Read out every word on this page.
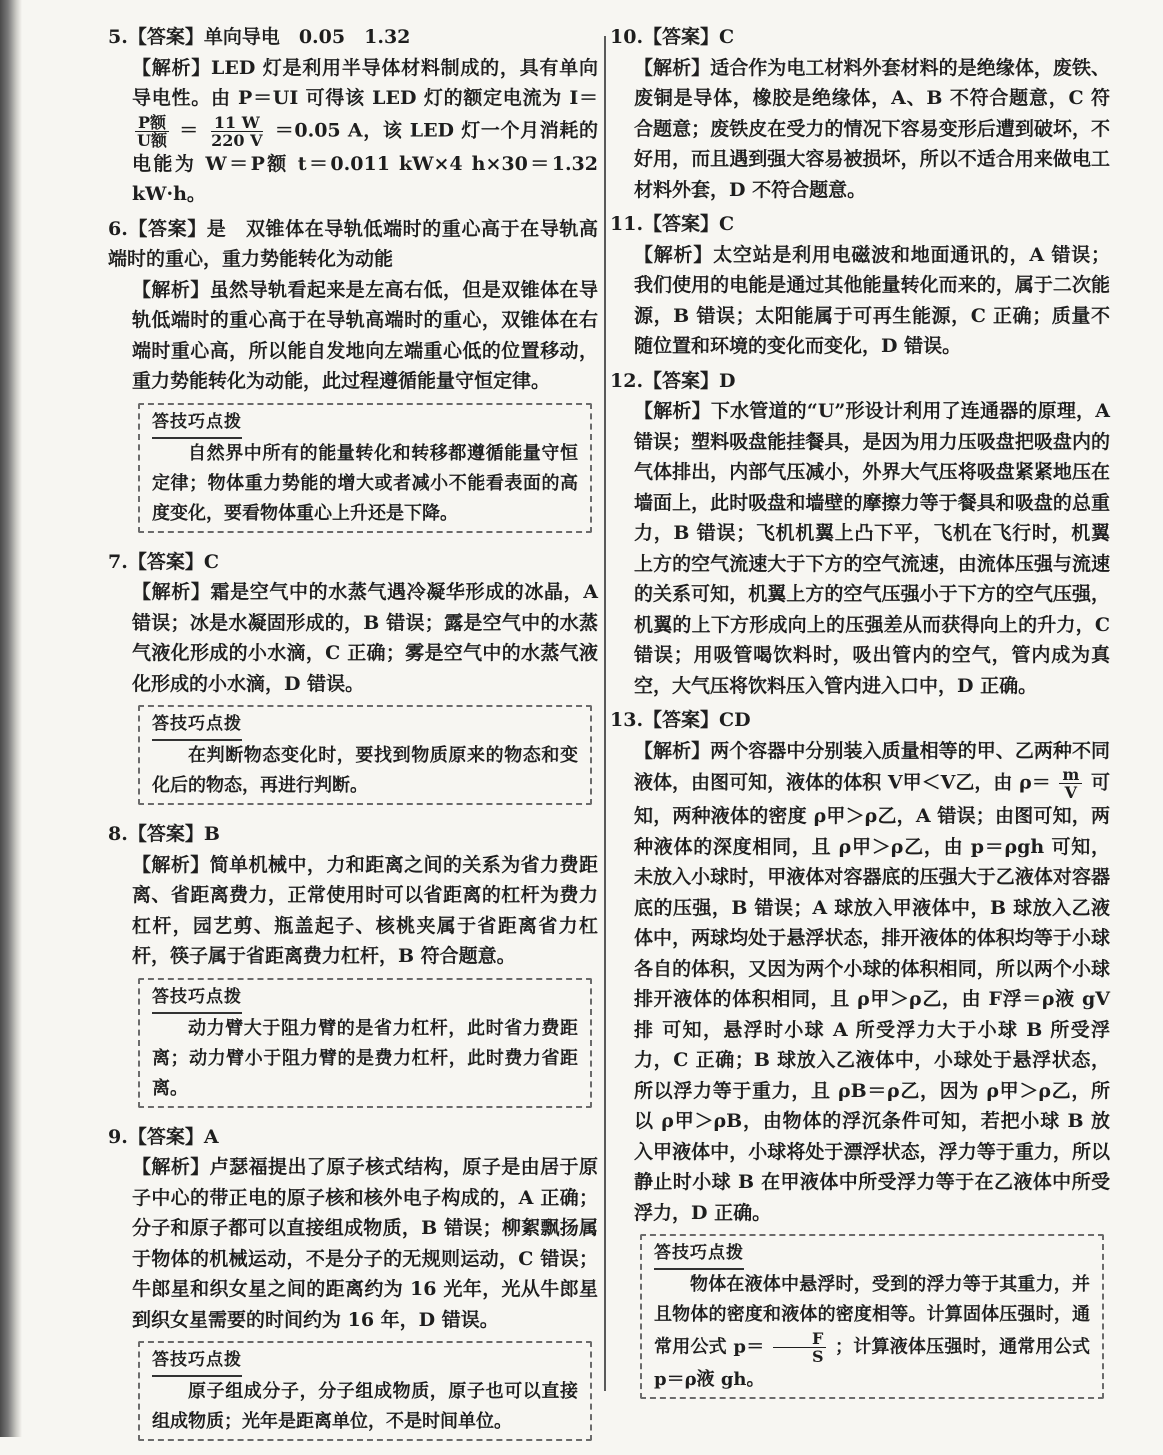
5.【答案】单向导电　0.05　1.32
【解析】LED 灯是利用半导体材料制成的，具有单向导电性。由 P＝UI 可得该 LED 灯的额定电流为 I＝
$\frac{\text{P额}}{\text{U额}} = \frac{11 W}{220 V} =0.05$ A，该 LED 灯一个月消耗的电能为 W＝P额 t＝0.011 kW×4 h×30＝1.32 kW·h。
6.【答案】是　双锥体在导轨低端时的重心高于在导轨高端时的重心，重力势能转化为动能
【解析】虽然导轨看起来是左高右低，但是双锥体在导轨低端时的重心高于在导轨高端时的重心，双锥体在右端时重心高，所以能自发地向左端重心低的位置移动，重力势能转化为动能，此过程遵循能量守恒定律。
答技巧点拨
自然界中所有的能量转化和转移都遵循能量守恒定律；物体重力势能的增大或者减小不能看表面的高度变化，要看物体重心上升还是下降。
7.【答案】C
【解析】霜是空气中的水蒸气遇冷凝华形成的冰晶，A 错误；冰是水凝固形成的，B 错误；露是空气中的水蒸气液化形成的小水滴，C 正确；雾是空气中的水蒸气液化形成的小水滴，D 错误。
答技巧点拨
在判断物态变化时，要找到物质原来的物态和变化后的物态，再进行判断。
8.【答案】B
【解析】简单机械中，力和距离之间的关系为省力费距离、省距离费力，正常使用时可以省距离的杠杆为费力杠杆，园艺剪、瓶盖起子、核桃夹属于省距离省力杠杆，筷子属于省距离费力杠杆，B 符合题意。
答技巧点拨
动力臂大于阻力臂的是省力杠杆，此时省力费距离；动力臂小于阻力臂的是费力杠杆，此时费力省距离。
9.【答案】A
【解析】卢瑟福提出了原子核式结构，原子是由居于原子中心的带正电的原子核和核外电子构成的，A 正确；分子和原子都可以直接组成物质，B 错误；柳絮飘扬属于物体的机械运动，不是分子的无规则运动，C 错误；牛郎星和织女星之间的距离约为 16 光年，光从牛郎星到织女星需要的时间约为 16 年，D 错误。
答技巧点拨
原子组成分子，分子组成物质，原子也可以直接组成物质；光年是距离单位，不是时间单位。
10.【答案】C
【解析】适合作为电工材料外套材料的是绝缘体，废铁、废铜是导体，橡胶是绝缘体，A、B 不符合题意，C 符合题意；废铁皮在受力的情况下容易变形后遭到破坏，不好用，而且遇到强大容易被损坏，所以不适合用来做电工材料外套，D 不符合题意。
11.【答案】C
【解析】太空站是利用电磁波和地面通讯的，A 错误；我们使用的电能是通过其他能量转化而来的，属于二次能源，B 错误；太阳能属于可再生能源，C 正确；质量不随位置和环境的变化而变化，D 错误。
12.【答案】D
【解析】下水管道的“U”形设计利用了连通器的原理，A 错误；塑料吸盘能挂餐具，是因为用力压吸盘把吸盘内的气体排出，内部气压减小，外界大气压将吸盘紧紧地压在墙面上，此时吸盘和墙壁的摩擦力等于餐具和吸盘的总重力，B 错误；飞机机翼上凸下平，飞机在飞行时，机翼上方的空气流速大于下方的空气流速，由流体压强与流速的关系可知，机翼上方的空气压强小于下方的空气压强，机翼的上下方形成向上的压强差从而获得向上的升力，C 错误；用吸管喝饮料时，吸出管内的空气，管内成为真空，大气压将饮料压入管内进入口中，D 正确。
13.【答案】CD
【解析】两个容器中分别装入质量相等的甲、乙两种不同液体，由图可知，液体的体积 V甲＜V乙，由 $\rho= \frac{m}{V}$ 可知，两种液体的密度 ρ甲＞ρ乙，A 错误；由图可知，两种液体的深度相同，且 ρ甲＞ρ乙，由 p＝ρgh 可知，未放入小球时，甲液体对容器底的压强大于乙液体对容器底的压强，B 错误；A 球放入甲液体中，B 球放入乙液体中，两球均处于悬浮状态，排开液体的体积均等于小球各自的体积，又因为两个小球的体积相同，所以两个小球排开液体的体积相同，且 ρ甲＞ρ乙，由 F浮＝ρ液 gV排 可知，悬浮时小球 A 所受浮力大于小球 B 所受浮力，C 正确；B 球放入乙液体中，小球处于悬浮状态，所以浮力等于重力，且 ρB＝ρ乙，因为 ρ甲＞ρ乙，所以 ρ甲＞ρB，由物体的浮沉条件可知，若把小球 B 放入甲液体中，小球将处于漂浮状态，浮力等于重力，所以静止时小球 B 在甲液体中所受浮力等于在乙液体中所受浮力，D 正确。
答技巧点拨
物体在液体中悬浮时，受到的浮力等于其重力，并且物体的密度和液体的密度相等。计算固体压强时，通常用公式 $p= \frac{F}{S}$ ；计算液体压强时，通常用公式 p＝ρ液 gh。
